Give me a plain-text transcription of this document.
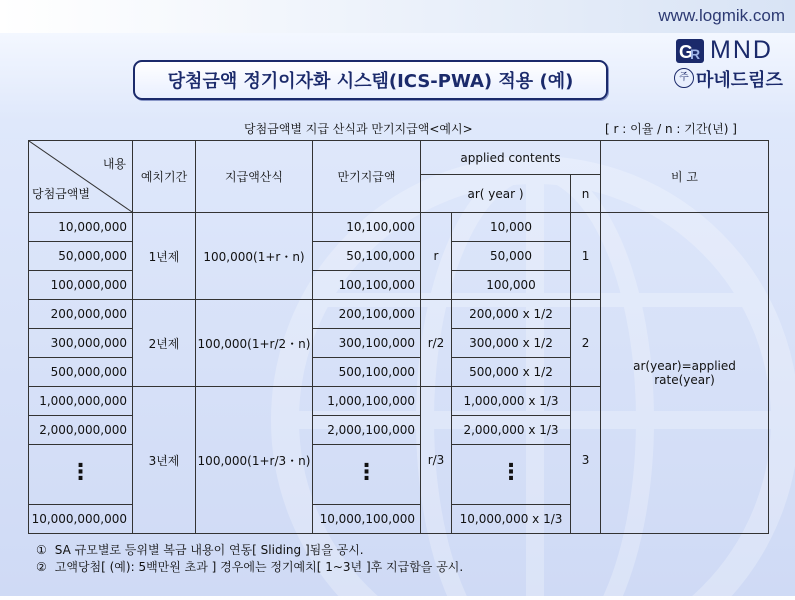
www.logmik.com
당첨금액 정기이자화 시스템(ICS-PWA) 적용 (예)
G
R MND
주 마네드림즈
당첨금액별 지급 산식과 만기지급액<예시>	[ r : 이율 / n : 기간(년) ]
내용
당첨금액별	예치기간	지급액산식	만기지급액	applied contents			비 고
				ar( year )		n	
10,000,000	1년제	100,000(1+r・n)	10,100,000	r	10,000	1	ar(year)=applied rate(year)
50,000,000			50,100,000		50,000		
100,000,000			100,100,000		100,000		
200,000,000	2년제	100,000(1+r/2・n)	200,100,000	r/2	200,000 x 1/2	2	
300,000,000			300,100,000		300,000 x 1/2		
500,000,000			500,100,000		500,000 x 1/2		
1,000,000,000	3년제	100,000(1+r/3・n)	1,000,100,000	r/3	1,000,000 x 1/3	3	
2,000,000,000			2,000,100,000		2,000,000 x 1/3		
⋮			⋮		⋮		
10,000,000,000			10,000,100,000		10,000,000 x 1/3		
① SA 규모별로 등위별 복금 내용이 연동[ Sliding ]됨을 공시.
② 고액당첨[ (예): 5백만원 초과 ] 경우에는 정기예치[ 1~3년 ]후 지급함을 공시.
